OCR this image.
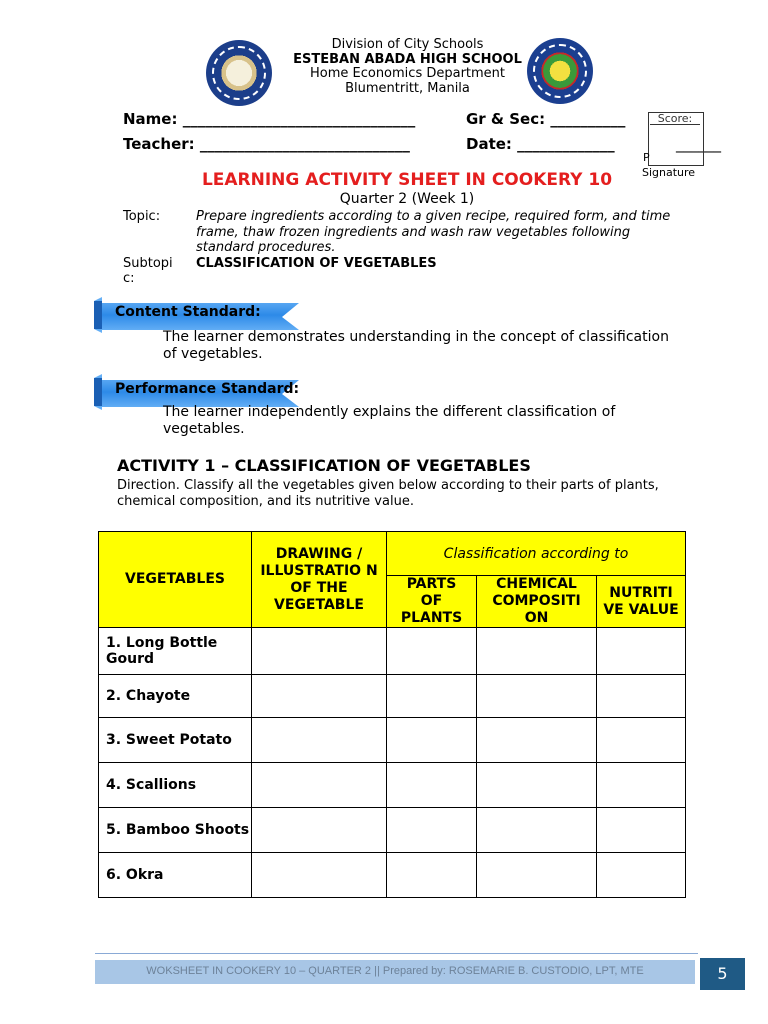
Division of City Schools
ESTEBAN ABADA HIGH SCHOOL
Home Economics Department
Blumentritt, Manila
Name: _______________________________	Gr & Sec: __________
Teacher: ____________________________	Date: _____________	______
Score:
P
Signature
LEARNING ACTIVITY SHEET IN COOKERY 10
Quarter 2 (Week 1)
Topic:	Prepare ingredients according to a given recipe, required form, and time frame, thaw frozen ingredients and wash raw vegetables following standard procedures.
Subtopi c:
CLASSIFICATION OF VEGETABLES
Content Standard:
The learner demonstrates understanding in the concept of classification of vegetables.
Performance Standard:
The learner independently explains the different classification of vegetables.
ACTIVITY 1 – CLASSIFICATION OF VEGETABLES
Direction. Classify all the vegetables given below according to their parts of plants, chemical composition, and its nutritive value.
VEGETABLES	DRAWING / ILLUSTRATIO N OF THE VEGETABLE	Classification according to		
		PARTS OF PLANTS	CHEMICAL COMPOSITI ON	NUTRITI VE VALUE
1. Long Bottle Gourd				
2. Chayote				
3. Sweet Potato				
4. Scallions				
5. Bamboo Shoots				
6. Okra				
WOKSHEET IN COOKERY 10 – QUARTER 2 || Prepared by: ROSEMARIE B. CUSTODIO, LPT, MTE	5
